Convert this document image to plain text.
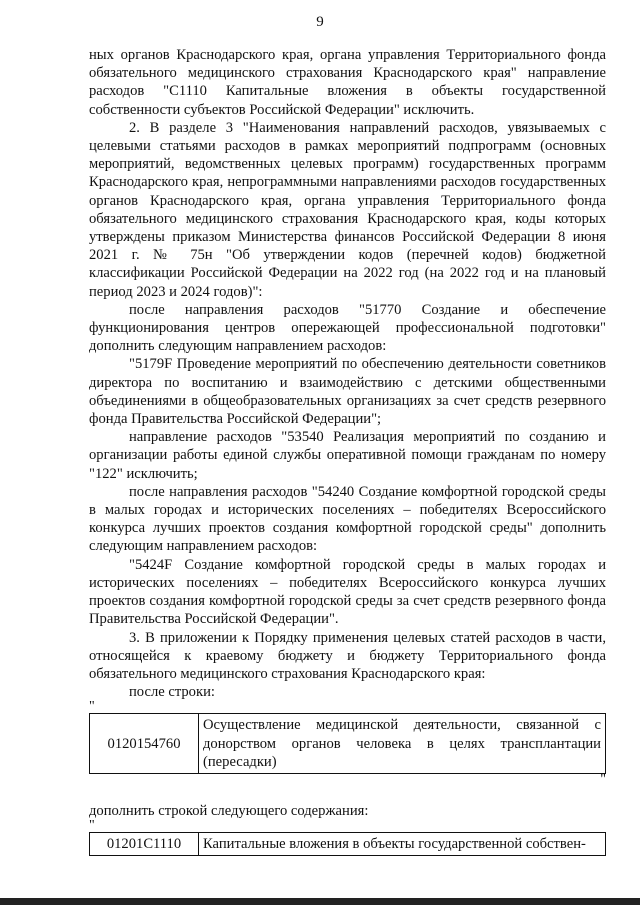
9

ных органов Краснодарского края, органа управления Территориального фонда обязательного медицинского страхования Краснодарского края" направление расходов "С1110 Капитальные вложения в объекты государственной собственности субъектов Российской Федерации" исключить.

2. В разделе 3 "Наименования направлений расходов, увязываемых с целевыми статьями расходов в рамках мероприятий подпрограмм (основных мероприятий, ведомственных целевых программ) государственных программ Краснодарского края, непрограммными направлениями расходов государственных органов Краснодарского края, органа управления Территориального фонда обязательного медицинского страхования Краснодарского края, коды которых утверждены приказом Министерства финансов Российской Федерации 8 июня 2021 г. № 75н "Об утверждении кодов (перечней кодов) бюджетной классификации Российской Федерации на 2022 год (на 2022 год и на плановый период 2023 и 2024 годов)":

после направления расходов "51770 Создание и обеспечение функционирования центров опережающей профессиональной подготовки" дополнить следующим направлением расходов:

"5179F Проведение мероприятий по обеспечению деятельности советников директора по воспитанию и взаимодействию с детскими общественными объединениями в общеобразовательных организациях за счет средств резервного фонда Правительства Российской Федерации";

направление расходов "53540 Реализация мероприятий по созданию и организации работы единой службы оперативной помощи гражданам по номеру "122" исключить;

после направления расходов "54240 Создание комфортной городской среды в малых городах и исторических поселениях – победителях Всероссийского конкурса лучших проектов создания комфортной городской среды" дополнить следующим направлением расходов:

"5424F Создание комфортной городской среды в малых городах и исторических поселениях – победителях Всероссийского конкурса лучших проектов создания комфортной городской среды за счет средств резервного фонда Правительства Российской Федерации".

3. В приложении к Порядку применения целевых статей расходов в части, относящейся к краевому бюджету и бюджету Территориального фонда обязательного медицинского страхования Краснодарского края:

после строки:

"

0120154760	Осуществление медицинской деятельности, связанной с донорством органов человека в целях трансплантации (пересадки)

"

дополнить строкой следующего содержания:

"

01201C1110	Капитальные вложения в объекты государственной собствен-
